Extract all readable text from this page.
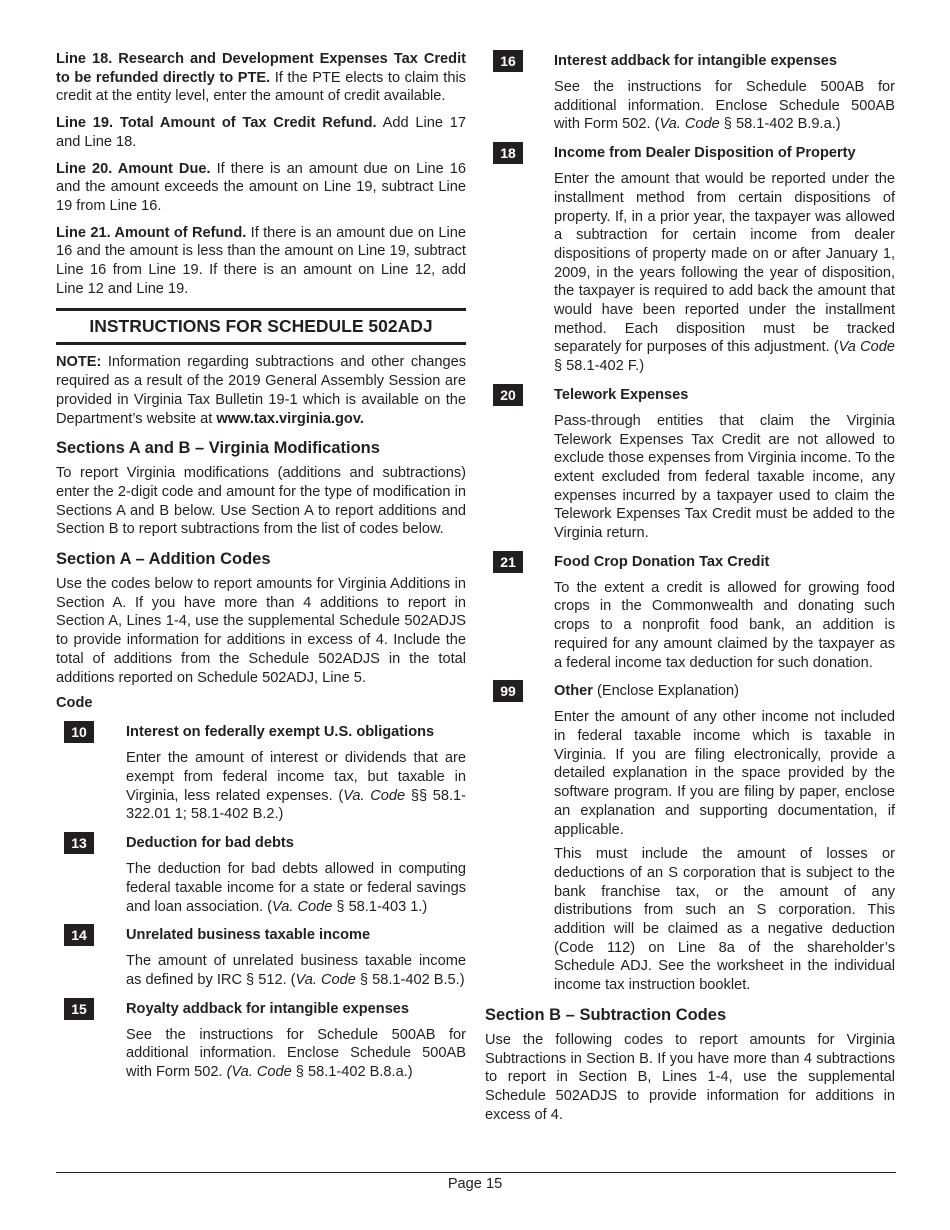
Line 18. Research and Development Expenses Tax Credit to be refunded directly to PTE. If the PTE elects to claim this credit at the entity level, enter the amount of credit available.

Line 19. Total Amount of Tax Credit Refund. Add Line 17 and Line 18.

Line 20. Amount Due. If there is an amount due on Line 16 and the amount exceeds the amount on Line 19, subtract Line 19 from Line 16.

Line 21. Amount of Refund. If there is an amount due on Line 16 and the amount is less than the amount on Line 19, subtract Line 16 from Line 19. If there is an amount on Line 12, add Line 12 and Line 19.

INSTRUCTIONS FOR SCHEDULE 502ADJ

NOTE: Information regarding subtractions and other changes required as a result of the 2019 General Assembly Session are provided in Virginia Tax Bulletin 19-1 which is available on the Department’s website at www.tax.virginia.gov.

Sections A and B – Virginia Modifications

To report Virginia modifications (additions and subtractions) enter the 2-digit code and amount for the type of modification in Sections A and B below. Use Section A to report additions and Section B to report subtractions from the list of codes below.

Section A – Addition Codes

Use the codes below to report amounts for Virginia Additions in Section A. If you have more than 4 additions to report in Section A, Lines 1-4, use the supplemental Schedule 502ADJS to provide information for additions in excess of 4. Include the total of additions from the Schedule 502ADJS in the total additions reported on Schedule 502ADJ, Line 5.

Code
10	Interest on federally exempt U.S. obligations

Enter the amount of interest or dividends that are exempt from federal income tax, but taxable in Virginia, less related expenses. (Va. Code §§ 58.1-322.01 1; 58.1-402 B.2.)

13	Deduction for bad debts

The deduction for bad debts allowed in computing federal taxable income for a state or federal savings and loan association. (Va. Code § 58.1-403 1.)

14	Unrelated business taxable income

The amount of unrelated business taxable income as defined by IRC § 512. (Va. Code § 58.1-402 B.5.)

15	Royalty addback for intangible expenses

See the instructions for Schedule 500AB for additional information. Enclose Schedule 500AB with Form 502. (Va. Code § 58.1-402 B.8.a.)

16	Interest addback for intangible expenses

See the instructions for Schedule 500AB for additional information. Enclose Schedule 500AB with Form 502. (Va. Code § 58.1-402 B.9.a.)

18	Income from Dealer Disposition of Property

Enter the amount that would be reported under the installment method from certain dispositions of property. If, in a prior year, the taxpayer was allowed a subtraction for certain income from dealer dispositions of property made on or after January 1, 2009, in the years following the year of disposition, the taxpayer is required to add back the amount that would have been reported under the installment method. Each disposition must be tracked separately for purposes of this adjustment. (Va Code § 58.1-402 F.)

20	Telework Expenses

Pass-through entities that claim the Virginia Telework Expenses Tax Credit are not allowed to exclude those expenses from Virginia income. To the extent excluded from federal taxable income, any expenses incurred by a taxpayer used to claim the Telework Expenses Tax Credit must be added to the Virginia return.

21	Food Crop Donation Tax Credit

To the extent a credit is allowed for growing food crops in the Commonwealth and donating such crops to a nonprofit food bank, an addition is required for any amount claimed by the taxpayer as a federal income tax deduction for such donation.

99	Other (Enclose Explanation)

Enter the amount of any other income not included in federal taxable income which is taxable in Virginia. If you are filing electronically, provide a detailed explanation in the space provided by the software program. If you are filing by paper, enclose an explanation and supporting documentation, if applicable.

This must include the amount of losses or deductions of an S corporation that is subject to the bank franchise tax, or the amount of any distributions from such an S corporation. This addition will be claimed as a negative deduction (Code 112) on Line 8a of the shareholder’s Schedule ADJ. See the worksheet in the individual income tax instruction booklet.

Section B – Subtraction Codes

Use the following codes to report amounts for Virginia Subtractions in Section B. If you have more than 4 subtractions to report in Section B, Lines 1-4, use the supplemental Schedule 502ADJS to provide information for additions in excess of 4.

Page 15
